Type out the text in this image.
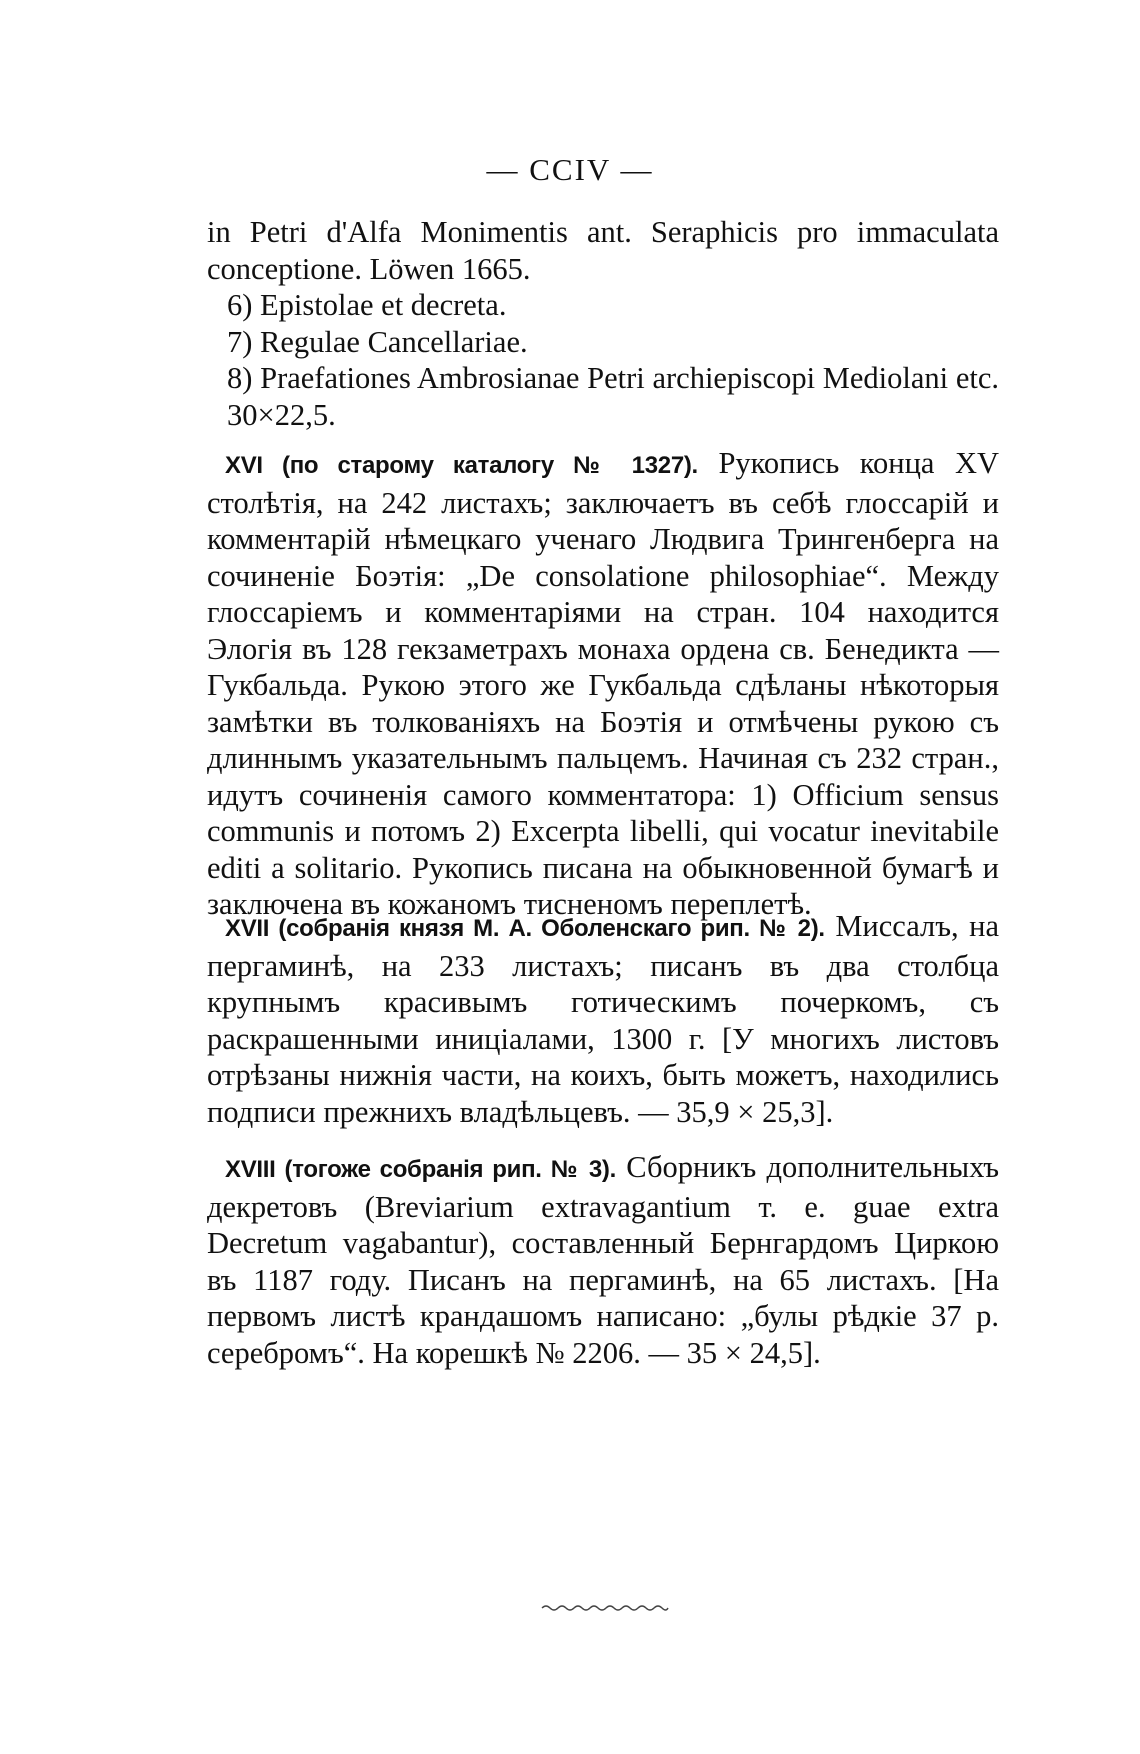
— CCIV —
in Petri d'Alfa Monimentis ant. Seraphicis pro immaculata
conceptione. Löwen 1665.
6) Epistolae et decreta.
7) Regulae Cancellariae.
8) Praefationes Ambrosianae Petri archiepiscopi Mediolani etc.
30×22,5.

XVI (по старому каталогу № 1327). Рукопись конца XV столѣтія, на 242 листахъ; заключаетъ въ себѣ глоссарій и комментарій нѣмецкаго ученаго Людвига Трингенберга на сочиненіе Боэтія: „De consolatione philosophiae“. Между глоссаріемъ и комментаріями на стран. 104 находится Элогія въ 128 гекзаметрахъ монаха ордена св. Бенедикта — Гукбальда. Рукою этого же Гукбальда сдѣланы нѣкоторыя замѣтки въ толкованіяхъ на Боэтія и отмѣчены рукою съ длиннымъ указательнымъ пальцемъ. Начиная съ 232 стран., идутъ сочиненія самого комментатора: 1) Officium sensus communis и потомъ 2) Excerpta libelli, qui vocatur inevitabile editi a solitario. Рукопись писана на обыкновенной бумагѣ и заключена въ кожаномъ тисненомъ переплетѣ.

XVII (собранія князя М. А. Оболенскаго рип. № 2). Миссалъ, на пергаминѣ, на 233 листахъ; писанъ въ два столбца крупнымъ красивымъ готическимъ почеркомъ, съ раскрашенными иниціалами, 1300 г. [У многихъ листовъ отрѣзаны нижнія части, на коихъ, быть можетъ, находились подписи прежнихъ владѣльцевъ. — 35,9 × 25,3].

XVIII (тогоже собранія рип. № 3). Сборникъ дополнительныхъ декретовъ (Breviarium extravagantium т. е. guae extra Decretum vagabantur), составленный Бернгардомъ Циркою въ 1187 году. Писанъ на пергаминѣ, на 65 листахъ. [На первомъ листѣ крандашомъ написано: „булы рѣдкіе 37 р. серебромъ“. На корешкѣ № 2206. — 35 × 24,5].
